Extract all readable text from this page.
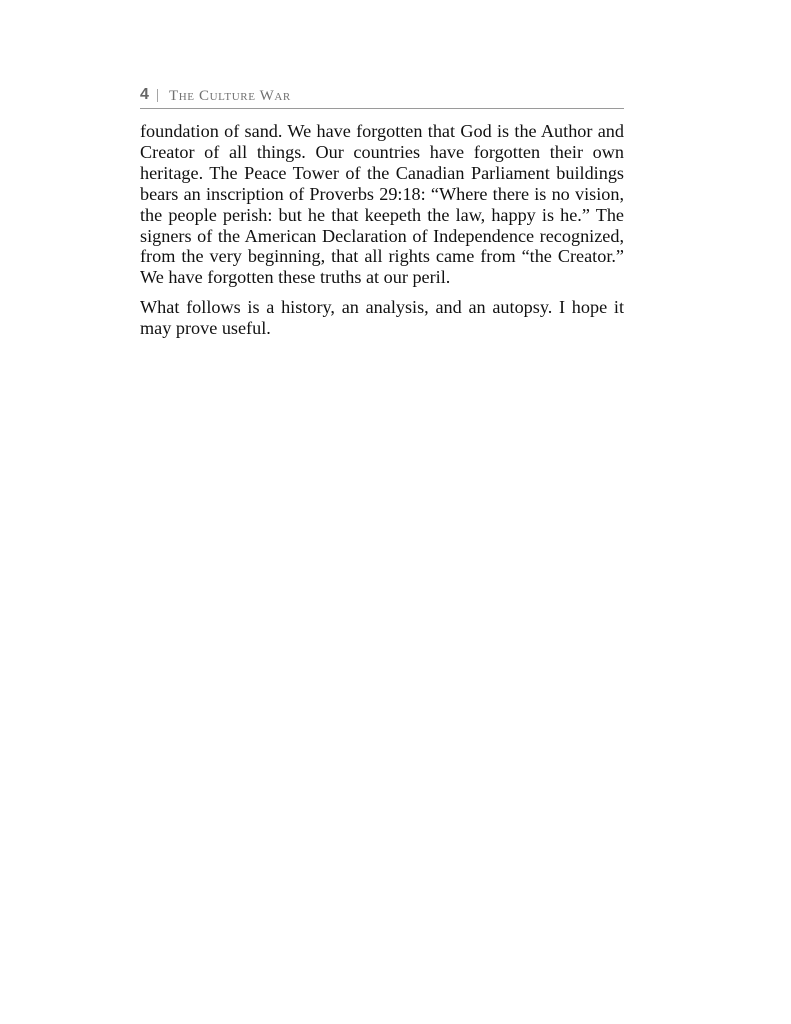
4 | The Culture War

foundation of sand. We have forgotten that God is the Author and Creator of all things. Our countries have forgotten their own heritage. The Peace Tower of the Canadian Parliament buildings bears an inscription of Proverbs 29:18: “Where there is no vision, the people perish: but he that keepeth the law, happy is he.” The signers of the American Declaration of Independence recognized, from the very beginning, that all rights came from “the Creator.” We have forgotten these truths at our peril.

What follows is a history, an analysis, and an autopsy. I hope it may prove useful.
